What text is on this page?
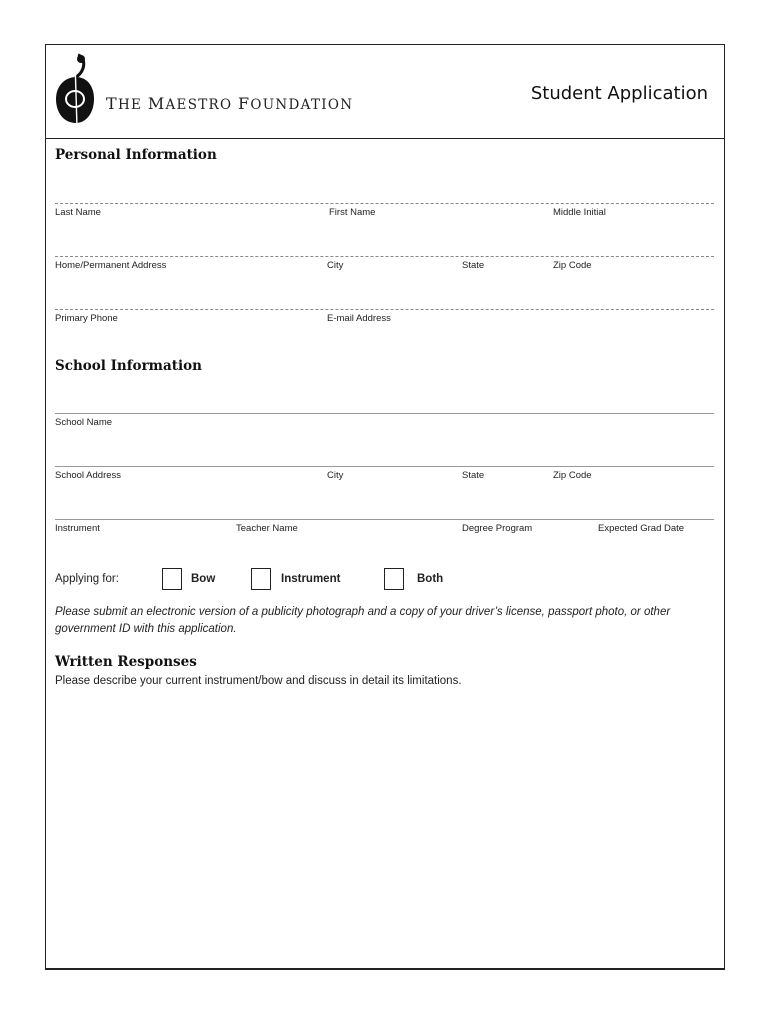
THE MAESTRO FOUNDATION
Student Application
Personal Information
Last Name	First Name	Middle Initial
Home/Permanent Address	City	State	Zip Code
Primary Phone	E-mail Address
School Information
School Name
School Address	City	State	Zip Code
Instrument	Teacher Name	Degree Program	Expected Grad Date
Applying for:	Bow	Instrument	Both
Please submit an electronic version of a publicity photograph and a copy of your driver’s license, passport photo, or other government ID with this application.
Written Responses
Please describe your current instrument/bow and discuss in detail its limitations.
